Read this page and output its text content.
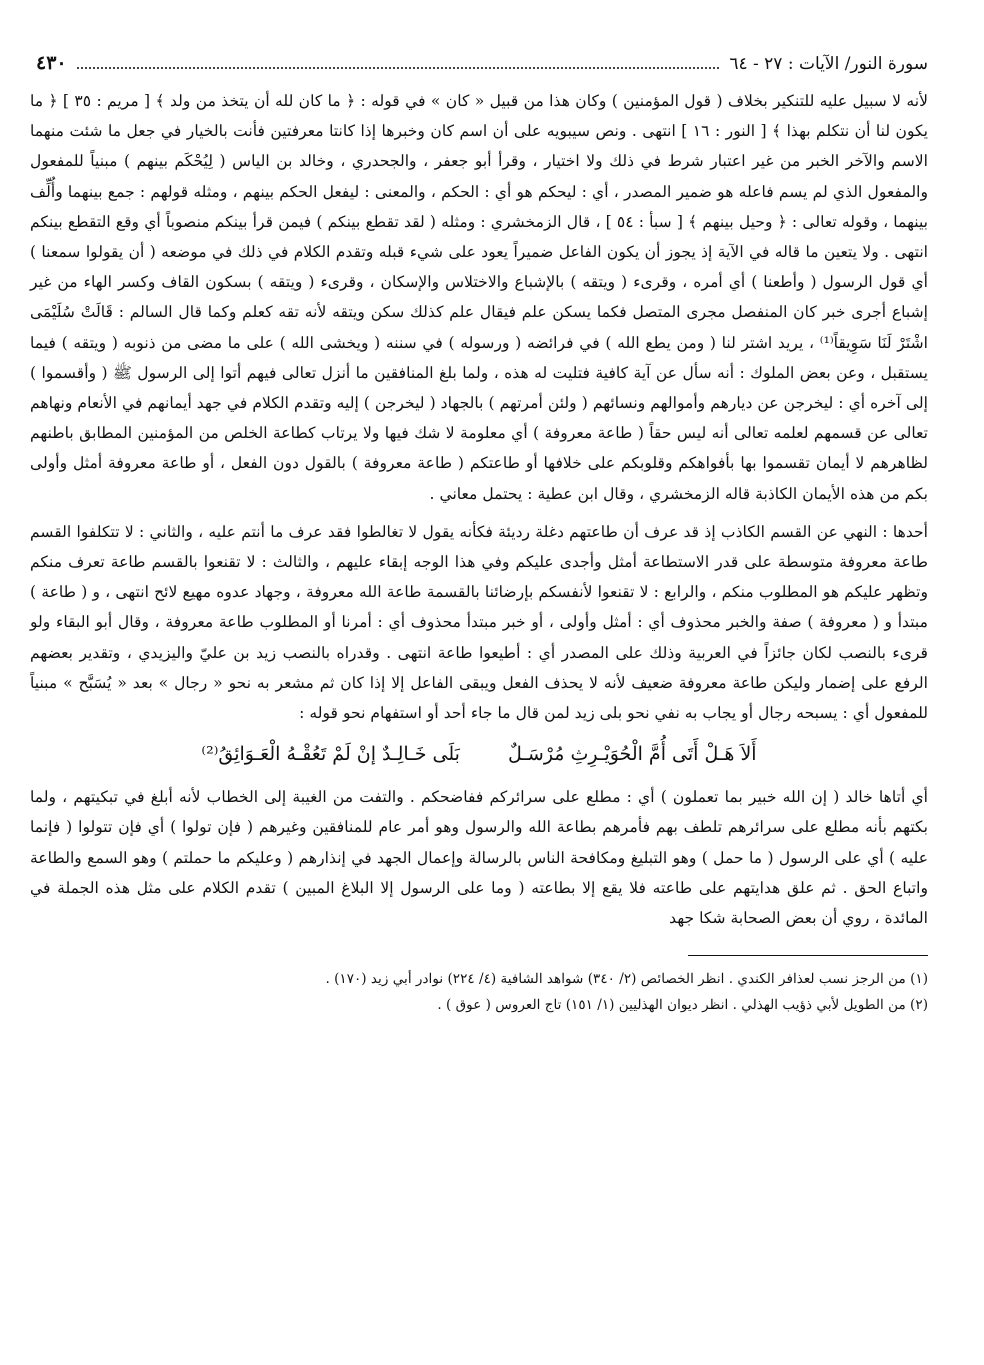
سورة النور/ الآيات : ٢٧ - ٦٤
٤٣٠

لأنه لا سبيل عليه للتنكير بخلاف ( قول المؤمنين ) وكان هذا من قبيل « كان » في قوله : ﴿ ما كان لله أن يتخذ من ولد ﴾ [ مريم : ٣٥ ] ﴿ ما يكون لنا أن نتكلم بهذا ﴾ [ النور : ١٦ ] انتهى . ونص سيبويه على أن اسم كان وخبرها إذا كانتا معرفتين فأنت بالخيار في جعل ما شئت منهما الاسم والآخر الخبر من غير اعتبار شرط في ذلك ولا اختيار ، وقرأ أبو جعفر ، والجحدري ، وخالد بن الياس ( لِيُحْكَم بينهم ) مبنياً للمفعول والمفعول الذي لم يسم فاعله هو ضمير المصدر ، أي : ليحكم هو أي : الحكم ، والمعنى : ليفعل الحكم بينهم ، ومثله قولهم : جمع بينهما وأُلِّف بينهما ، وقوله تعالى : ﴿ وحيل بينهم ﴾ [ سبأ : ٥٤ ] ، قال الزمخشري : ومثله ( لقد تقطع بينكم ) فيمن قرأ بينكم منصوباً أي وقع التقطع بينكم انتهى . ولا يتعين ما قاله في الآية إذ يجوز أن يكون الفاعل ضميراً يعود على شيء قبله وتقدم الكلام في ذلك في موضعه ( أن يقولوا سمعنا ) أي قول الرسول ( وأطعنا ) أي أمره ، وقرىء ( ويتقه ) بالإشباع والاختلاس والإسكان ، وقرىء ( ويتقه ) بسكون القاف وكسر الهاء من غير إشباع أجرى خبر كان المنفصل مجرى المتصل فكما يسكن علم فيقال علم كذلك سكن ويتقه لأنه تقه كعلم وكما قال السالم : قَالَتْ سُلَيْمَى اشْتَرْ لَنَا سَوِيقاً⁽¹⁾ ، يريد اشتر لنا ( ومن يطع الله ) في فرائضه ( ورسوله ) في سننه ( ويخشى الله ) على ما مضى من ذنوبه ( ويتقه ) فيما يستقبل ، وعن بعض الملوك : أنه سأل عن آية كافية فتليت له هذه ، ولما بلغ المنافقين ما أنزل تعالى فيهم أتوا إلى الرسول ﷺ ( وأقسموا ) إلى آخره أي : ليخرجن عن ديارهم وأموالهم ونسائهم ( ولئن أمرتهم ) بالجهاد ( ليخرجن ) إليه وتقدم الكلام في جهد أيمانهم في الأنعام ونهاهم تعالى عن قسمهم لعلمه تعالى أنه ليس حقاً ( طاعة معروفة ) أي معلومة لا شك فيها ولا يرتاب كطاعة الخلص من المؤمنين المطابق باطنهم لظاهرهم لا أيمان تقسموا بها بأفواهكم وقلوبكم على خلافها أو طاعتكم ( طاعة معروفة ) بالقول دون الفعل ، أو طاعة معروفة أمثل وأولى بكم من هذه الأيمان الكاذبة قاله الزمخشري ، وقال ابن عطية : يحتمل معاني .

أحدها : النهي عن القسم الكاذب إذ قد عرف أن طاعتهم دغلة رديئة فكأنه يقول لا تغالطوا فقد عرف ما أنتم عليه ، والثاني : لا تتكلفوا القسم طاعة معروفة متوسطة على قدر الاستطاعة أمثل وأجدى عليكم وفي هذا الوجه إبقاء عليهم ، والثالث : لا تقنعوا بالقسم طاعة تعرف منكم وتظهر عليكم هو المطلوب منكم ، والرابع : لا تقنعوا لأنفسكم بإرضائنا بالقسمة طاعة الله معروفة ، وجهاد عدوه مهيع لائح انتهى ، و ( طاعة ) مبتدأ و ( معروفة ) صفة والخبر محذوف أي : أمثل وأولى ، أو خبر مبتدأ محذوف أي : أمرنا أو المطلوب طاعة معروفة ، وقال أبو البقاء ولو قرىء بالنصب لكان جائزاً في العربية وذلك على المصدر أي : أطيعوا طاعة انتهى . وقدراه بالنصب زيد بن عليّ واليزيدي ، وتقدير بعضهم الرفع على إضمار وليكن طاعة معروفة ضعيف لأنه لا يحذف الفعل ويبقى الفاعل إلا إذا كان ثم مشعر به نحو « رجال » بعد « يُسَبَّح » مبنياً للمفعول أي : يسبحه رجال أو يجاب به نفي نحو بلى زيد لمن قال ما جاء أحد أو استفهام نحو قوله :

أَلاَ هَـلْ أَتَى أُمَّ الْحُوَيْـرِثِ مُرْسَـلٌ
بَلَى خَـالِـدٌ إنْ لَمْ تَعُقْـهُ الْعَـوَائِقُ⁽²⁾

أي أتاها خالد ( إن الله خبير بما تعملون ) أي : مطلع على سرائركم ففاضحكم . والتفت من الغيبة إلى الخطاب لأنه أبلغ في تبكيتهم ، ولما بكتهم بأنه مطلع على سرائرهم تلطف بهم فأمرهم بطاعة الله والرسول وهو أمر عام للمنافقين وغيرهم ( فإن تولوا ) أي فإن تتولوا ( فإنما عليه ) أي على الرسول ( ما حمل ) وهو التبليغ ومكافحة الناس بالرسالة وإعمال الجهد في إنذارهم ( وعليكم ما حملتم ) وهو السمع والطاعة واتباع الحق . ثم علق هدايتهم على طاعته فلا يقع إلا بطاعته ( وما على الرسول إلا البلاغ المبين ) تقدم الكلام على مثل هذه الجملة في المائدة ، روي أن بعض الصحابة شكا جهد

(١) من الرجز نسب لعذافر الكندي . انظر الخصائص (٢/ ٣٤٠) شواهد الشافية (٤/ ٢٢٤) نوادر أبي زيد (١٧٠) .

(٢) من الطويل لأبي ذؤيب الهذلي . انظر ديوان الهذليين (١/ ١٥١) تاج العروس ( عوق ) .
